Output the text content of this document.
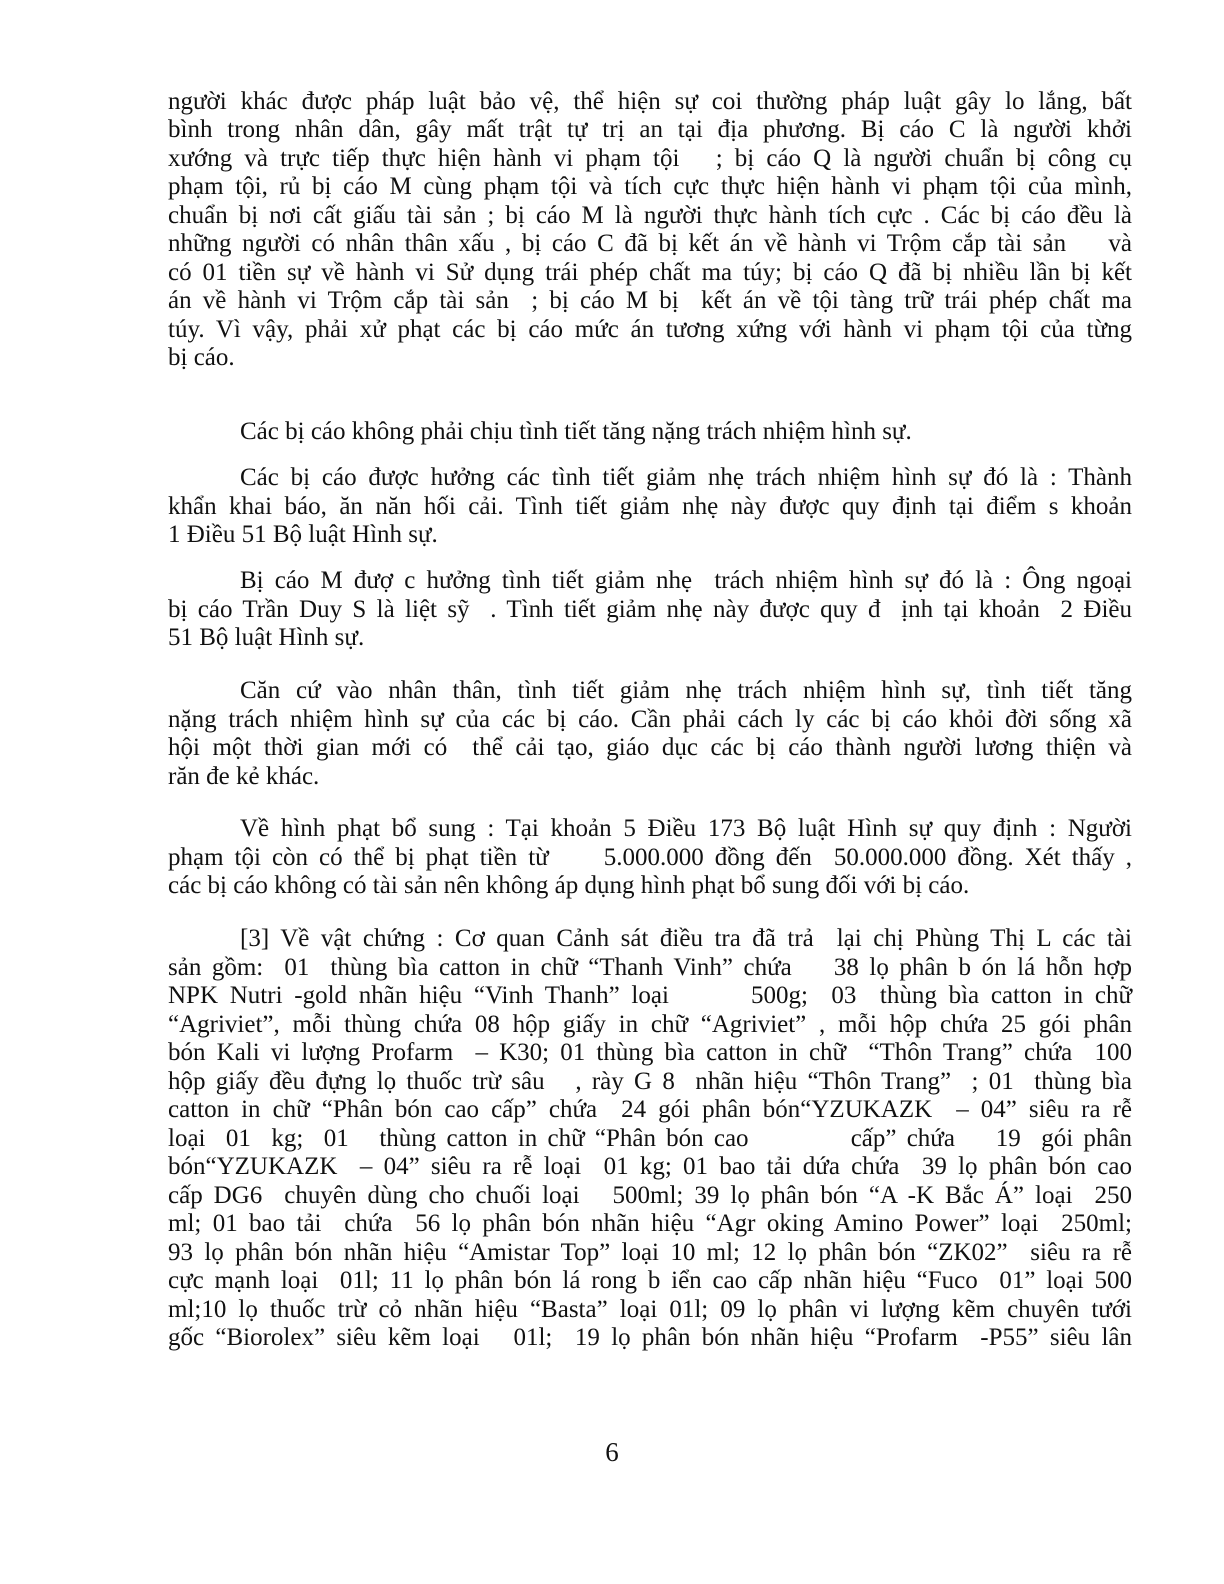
người khác được pháp luật bảo vệ, thể hiện sự coi thường pháp luật gây lo lắng, bất
bình trong nhân dân, gây mất trật tự trị an tại địa phương. Bị cáo C là người khởi
xướng và trực tiếp thực hiện hành vi phạm tội   ; bị cáo Q là người chuẩn bị công cụ
phạm tội, rủ bị cáo M cùng phạm tội và tích cực thực hiện hành vi phạm tội của mình,
chuẩn bị nơi cất giấu tài sản ; bị cáo M là người thực hành tích cực . Các bị cáo đều là
những người có nhân thân xấu , bị cáo C đã bị kết án về hành vi Trộm cắp tài sản    và
có 01 tiền sự về hành vi Sử dụng trái phép chất ma túy; bị cáo Q đã bị nhiều lần bị kết
án về hành vi Trộm cắp tài sản  ; bị cáo M bị  kết án về tội tàng trữ trái phép chất ma
túy. Vì vậy, phải xử phạt các bị cáo mức án tương xứng với hành vi phạm tội của từng
bị cáo.
Các bị cáo không phải chịu tình tiết tăng nặng trách nhiệm hình sự.
Các bị cáo được hưởng các tình tiết giảm nhẹ trách nhiệm hình sự đó là : Thành
khẩn khai báo, ăn năn hối cải. Tình tiết giảm nhẹ này được quy định tại điểm s khoản
1 Điều 51 Bộ luật Hình sự.
Bị cáo M đượ c hưởng tình tiết giảm nhẹ  trách nhiệm hình sự đó là : Ông ngoại
bị cáo Trần Duy S là liệt sỹ  . Tình tiết giảm nhẹ này được quy đ  ịnh tại khoản  2 Điều
51 Bộ luật Hình sự.
Căn cứ vào nhân thân, tình tiết giảm nhẹ trách nhiệm hình sự, tình tiết tăng
nặng trách nhiệm hình sự của các bị cáo. Cần phải cách ly các bị cáo khỏi đời sống xã
hội một thời gian mới có  thể cải tạo, giáo dục các bị cáo thành người lương thiện và
răn đe kẻ khác.
Về hình phạt bổ sung : Tại khoản 5 Điều 173 Bộ luật Hình sự quy định : Người
phạm tội còn có thể bị phạt tiền từ     5.000.000 đồng đến  50.000.000 đồng. Xét thấy ,
các bị cáo không có tài sản nên không áp dụng hình phạt bổ sung đối với bị cáo.
[3] Về vật chứng : Cơ quan Cảnh sát điều tra đã trả  lại chị Phùng Thị L các tài
sản gồm:  01  thùng bìa catton in chữ “Thanh Vinh” chứa    38 lọ phân b ón lá hỗn hợp
NPK Nutri -gold nhãn hiệu “Vinh Thanh” loại       500g;  03  thùng bìa catton in chữ
“Agriviet”, mỗi thùng chứa 08 hộp giấy in chữ “Agriviet” , mỗi hộp chứa 25 gói phân
bón Kali vi lượng Profarm  – K30; 01 thùng bìa catton in chữ  “Thôn Trang” chứa  100
hộp giấy đều đựng lọ thuốc trừ sâu   , rày G 8  nhãn hiệu “Thôn Trang”  ; 01  thùng bìa
catton in chữ “Phân bón cao cấp” chứa  24 gói phân bón“YZUKAZK  – 04” siêu ra rễ
loại  01  kg;  01   thùng catton in chữ “Phân bón cao          cấp” chứa    19  gói phân
bón“YZUKAZK  – 04” siêu ra rễ loại  01 kg; 01 bao tải dứa chứa  39 lọ phân bón cao
cấp DG6  chuyên dùng cho chuối loại   500ml; 39 lọ phân bón “A -K Bắc Á” loại  250
ml; 01 bao tải  chứa  56 lọ phân bón nhãn hiệu “Agr oking Amino Power” loại  250ml;
93 lọ phân bón nhãn hiệu “Amistar Top” loại 10 ml; 12 lọ phân bón “ZK02”  siêu ra rễ
cực mạnh loại  01l; 11 lọ phân bón lá rong b iển cao cấp nhãn hiệu “Fuco  01” loại 500
ml;10 lọ thuốc trừ cỏ nhãn hiệu “Basta” loại 01l; 09 lọ phân vi lượng kẽm chuyên tưới
gốc “Biorolex” siêu kẽm loại   01l;  19 lọ phân bón nhãn hiệu “Profarm  -P55” siêu lân
6
